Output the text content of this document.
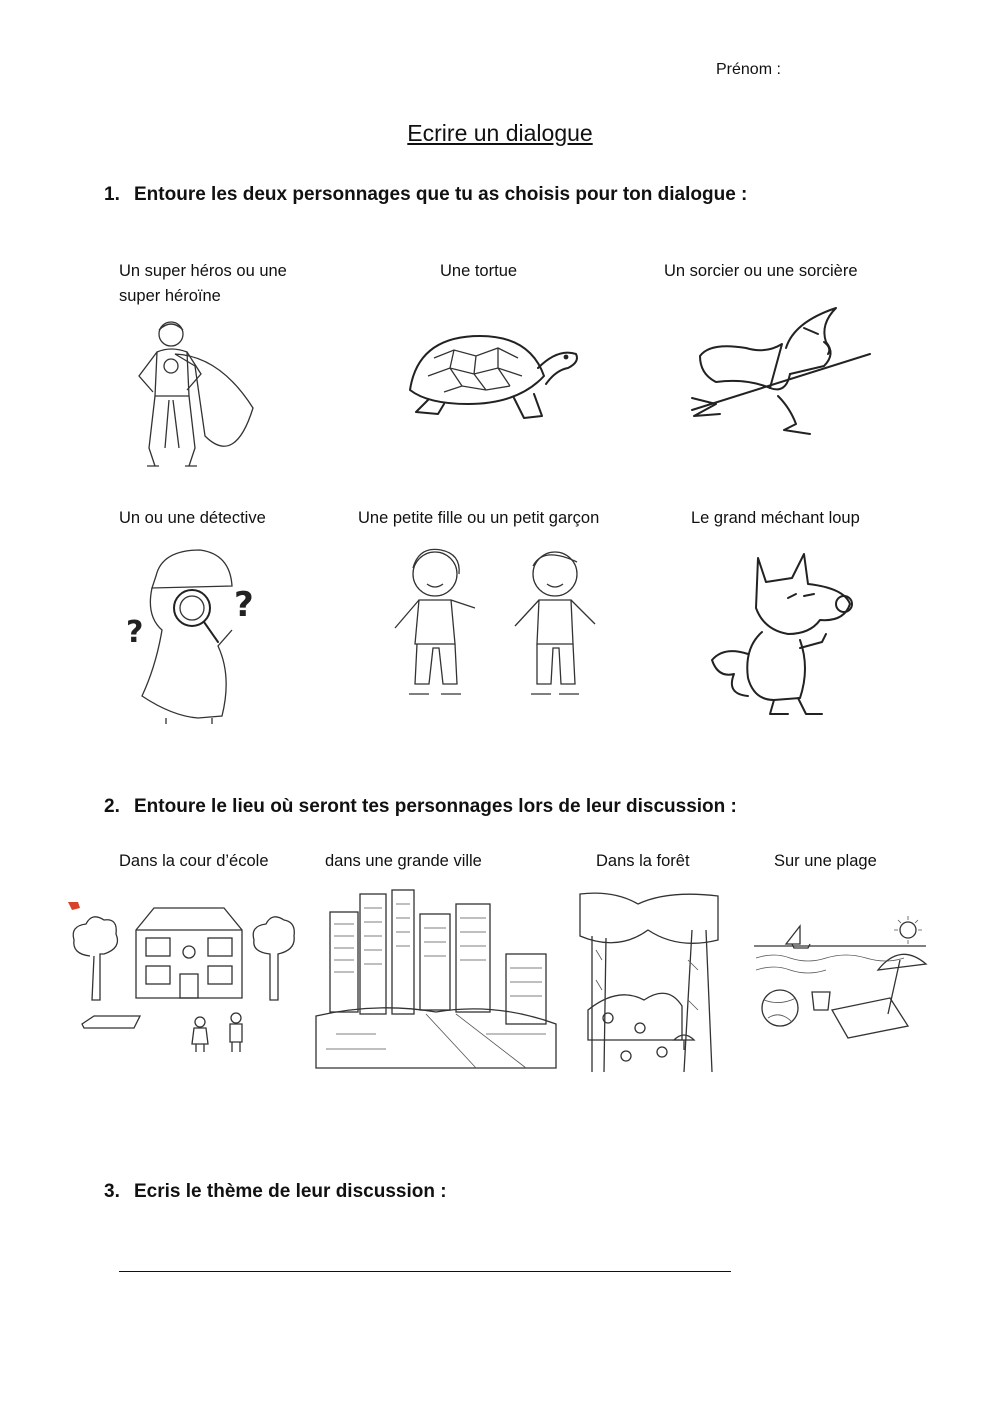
Prénom :
Ecrire un dialogue
1. Entoure les deux personnages que tu as choisis pour ton dialogue :
Un super héros ou une super héroïne
Une tortue	Un sorcier ou une sorcière
Un ou une détective	Une petite fille ou un petit garçon	Le grand méchant loup
?
?
2. Entoure le lieu où seront tes personnages lors de leur discussion :
Dans la cour d’école	dans une grande ville	Dans la forêt	Sur une plage
3. Ecris le thème de leur discussion :
